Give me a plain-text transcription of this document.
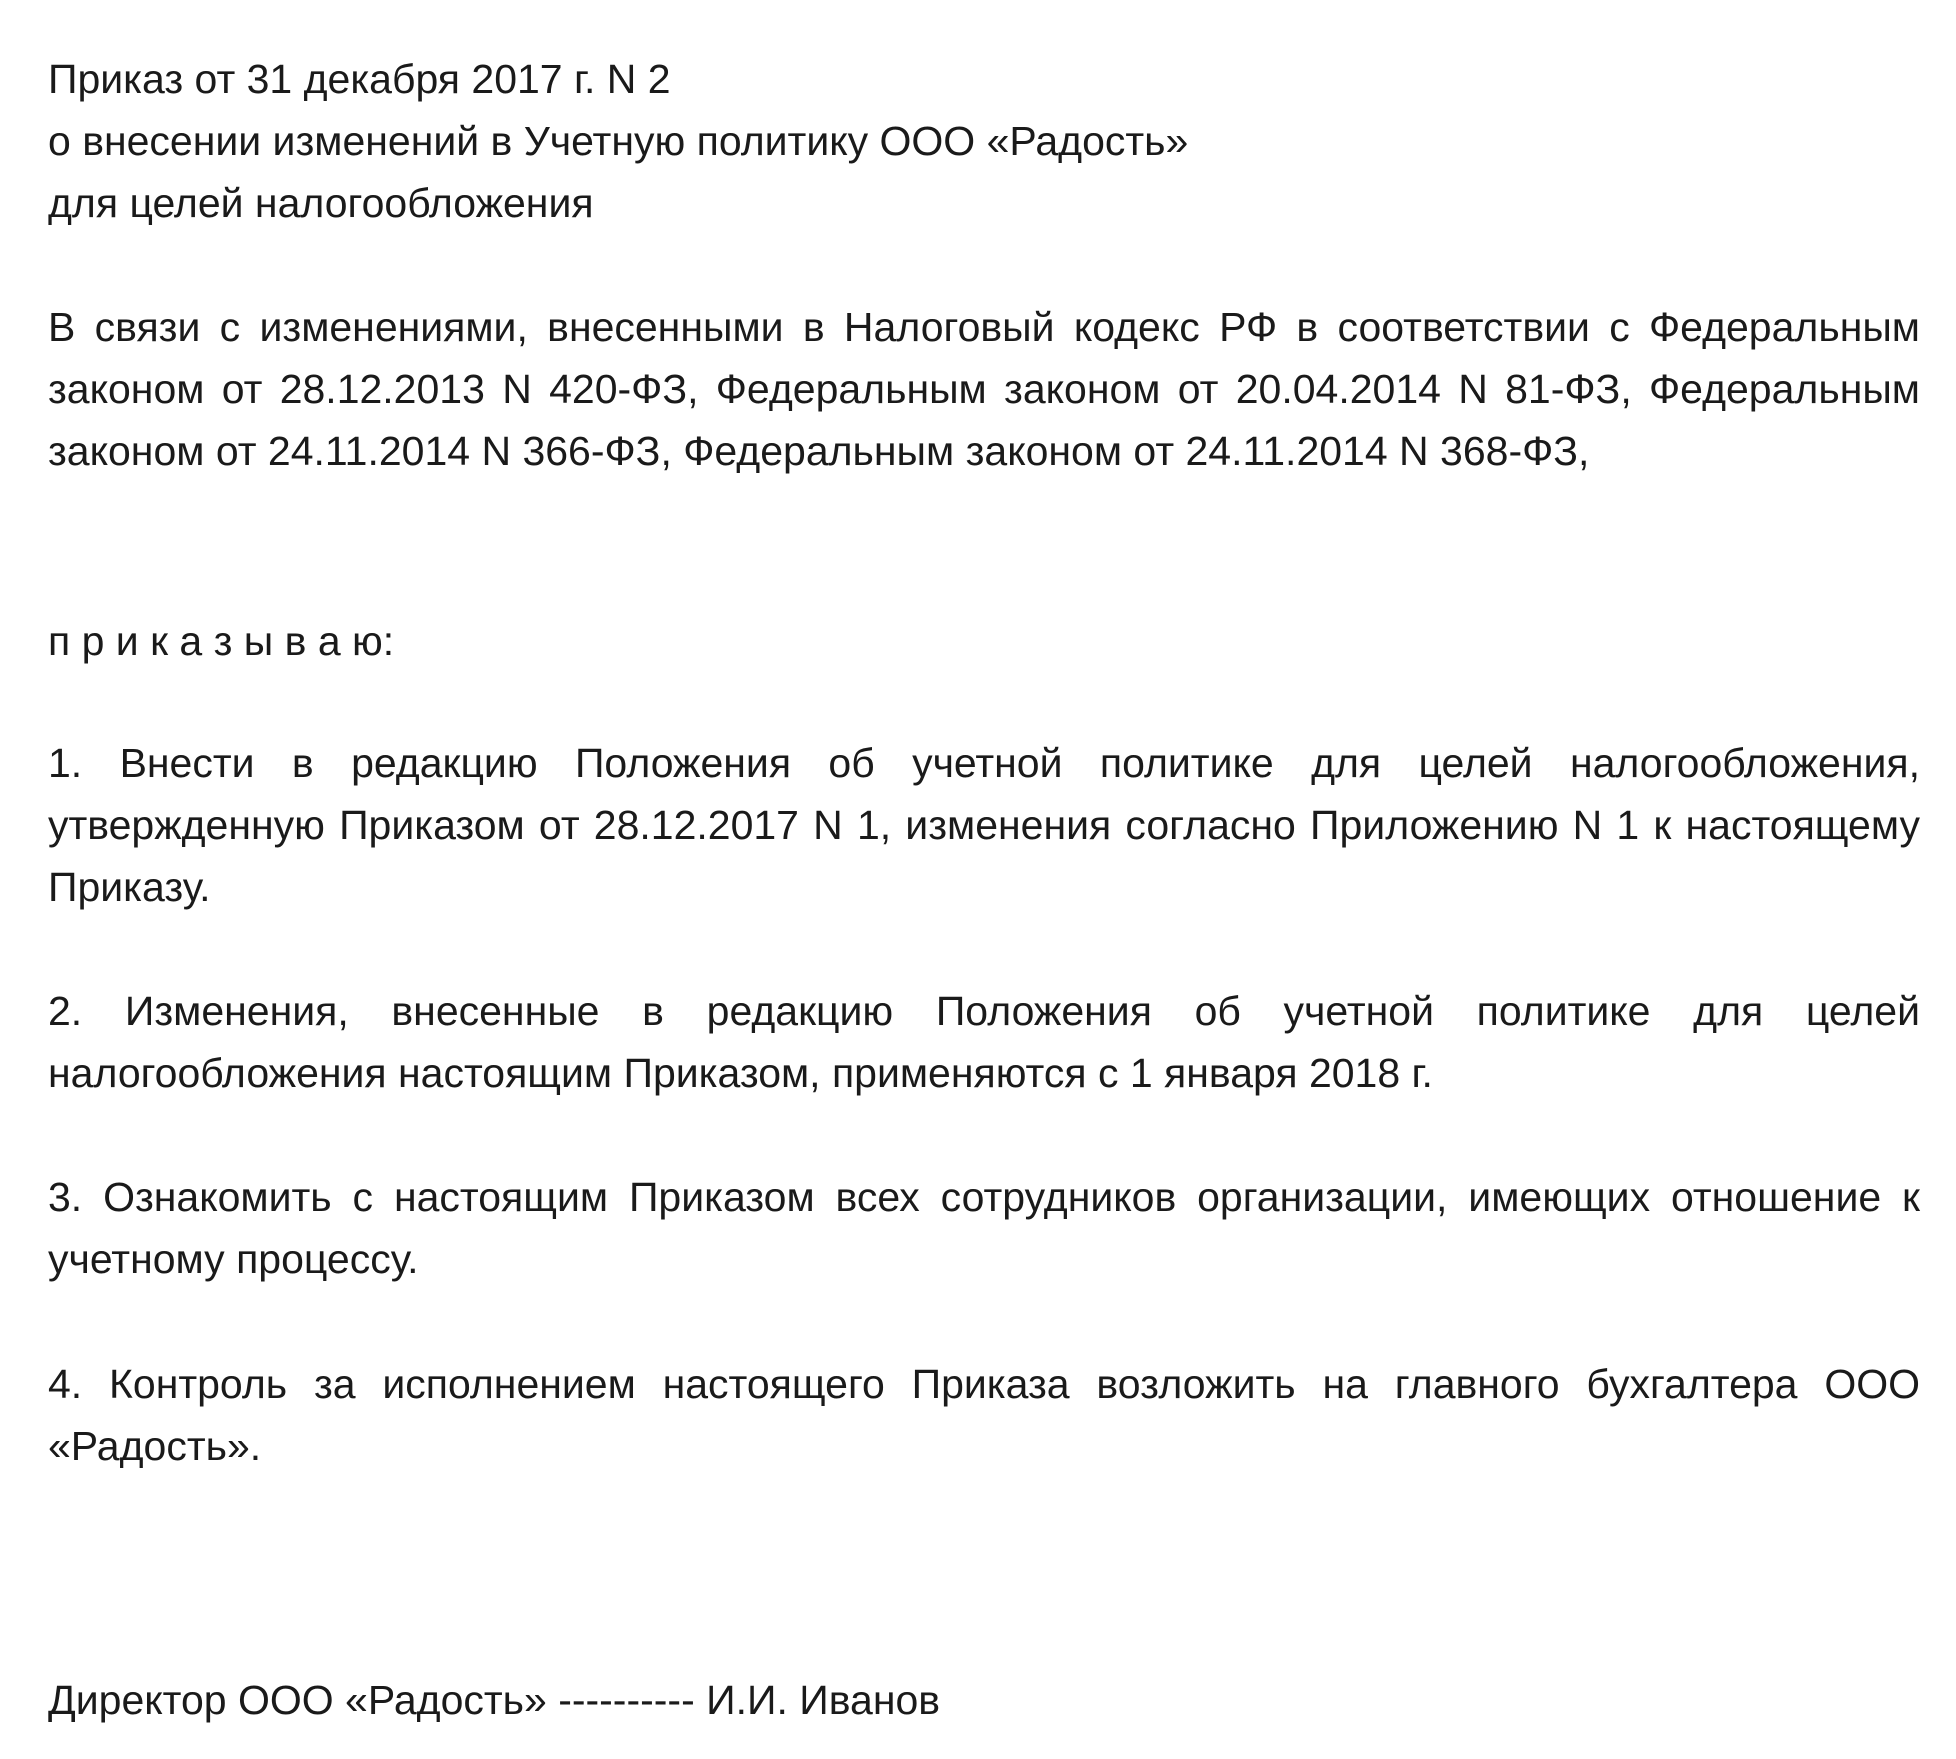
Приказ от 31 декабря 2017 г. N 2
о внесении изменений в Учетную политику ООО «Радость»
для целей налогообложения
В связи с изменениями, внесенными в Налоговый кодекс РФ в соответствии с Федеральным законом от 28.12.2013 N 420-ФЗ, Федеральным законом от 20.04.2014 N 81-ФЗ, Федеральным законом от 24.11.2014 N 366-ФЗ, Федеральным законом от 24.11.2014 N 368-ФЗ,
п р и к а з ы в а ю:
1. Внести в редакцию Положения об учетной политике для целей налогообложения, утвержденную Приказом от 28.12.2017 N 1, изменения согласно Приложению N 1 к настоящему Приказу.
2. Изменения, внесенные в редакцию Положения об учетной политике для целей налогообложения настоящим Приказом, применяются с 1 января 2018 г.
3. Ознакомить с настоящим Приказом всех сотрудников организации, имеющих отношение к учетному процессу.
4. Контроль за исполнением настоящего Приказа возложить на главного бухгалтера ООО «Радость».
Директор ООО «Радость» ---------- И.И. Иванов
